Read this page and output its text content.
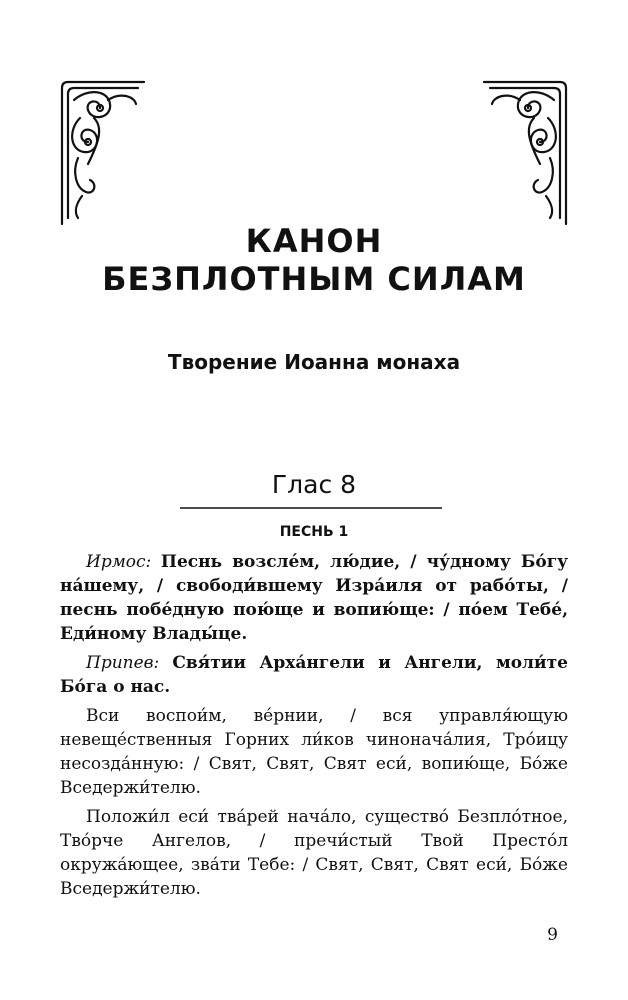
КАНОН
БЕЗПЛОТНЫМ СИЛАМ
Творение Иоанна монаха
Глас 8
ПЕСНЬ 1

Ирмос: Песнь возслéм, лю́дие, / чу́дному Бо́гу на́шему, / свободи́вшему Изра́иля от рабо́ты, / песнь побе́дную пою́ще и вопию́ще: / по́ем Тебе́, Еди́ному Влады́це.

Припев: Свя́тии Арха́нгели и Ангели, моли́те Бо́га о нас.

Вси воспои́м, ве́рнии, / вся управля́ющую невеще́ственныя Горних ли́ков чинонача́лия, Тро́ицу несозда́нную: / Свят, Свят, Свят еси́, вопию́ще, Бо́же Вседержи́телю.

Положи́л еси́ тва́рей нача́ло, существо́ Безпло́тное, Тво́рче Ангелов, / пречи́стый Твой Престо́л окружа́ющее, зва́ти Тебе: / Свят, Свят, Свят еси́, Бо́же Вседержи́телю.

9
